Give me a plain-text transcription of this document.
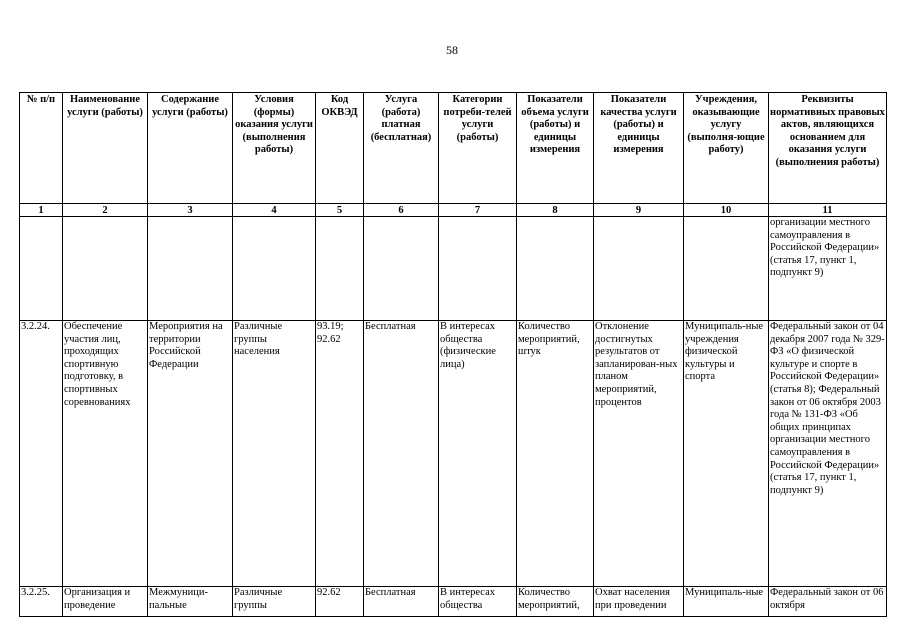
58
№ п/п	Наименование услуги (работы)	Содержание услуги (работы)	Условия (формы) оказания услуги (выполнения работы)	Код ОКВЭД	Услуга (работа) платная (бесплатная)	Категории потреби-телей услуги (работы)	Показатели объема услуги (работы) и единицы измерения	Показатели качества услуги (работы) и единицы измерения	Учреждения, оказывающие услугу (выполня-ющие работу)	Реквизиты нормативных правовых актов, являющихся основанием для оказания услуги (выполнения работы)
1	2	3	4	5	6	7	8	9	10	11
										организации местного самоуправления в Российской Федерации» (статья 17, пункт 1, подпункт 9)
3.2.24.	Обеспечение участия лиц, проходящих спортивную подготовку, в спортивных соревнованиях	Мероприятия на территории Российской Федерации	Различные группы населения	93.19; 92.62	Бесплатная	В интересах общества (физические лица)	Количество мероприятий, штук	Отклонение достигнутых результатов от запланирован-ных планом мероприятий, процентов	Муниципаль-ные учреждения физической культуры и спорта	Федеральный закон от 04 декабря 2007 года № 329-ФЗ «О физической культуре и спорте в Российской Федерации» (статья 8); Федеральный закон от 06 октября 2003 года № 131-ФЗ «Об общих принципах организации местного самоуправления в Российской Федерации» (статья 17, пункт 1, подпункт 9)
3.2.25.	Организация и проведение	Межмуници-пальные	Различные группы	92.62	Бесплатная	В интересах общества	Количество мероприятий,	Охват населения при проведении	Муниципаль-ные	Федеральный закон от 06 октября
